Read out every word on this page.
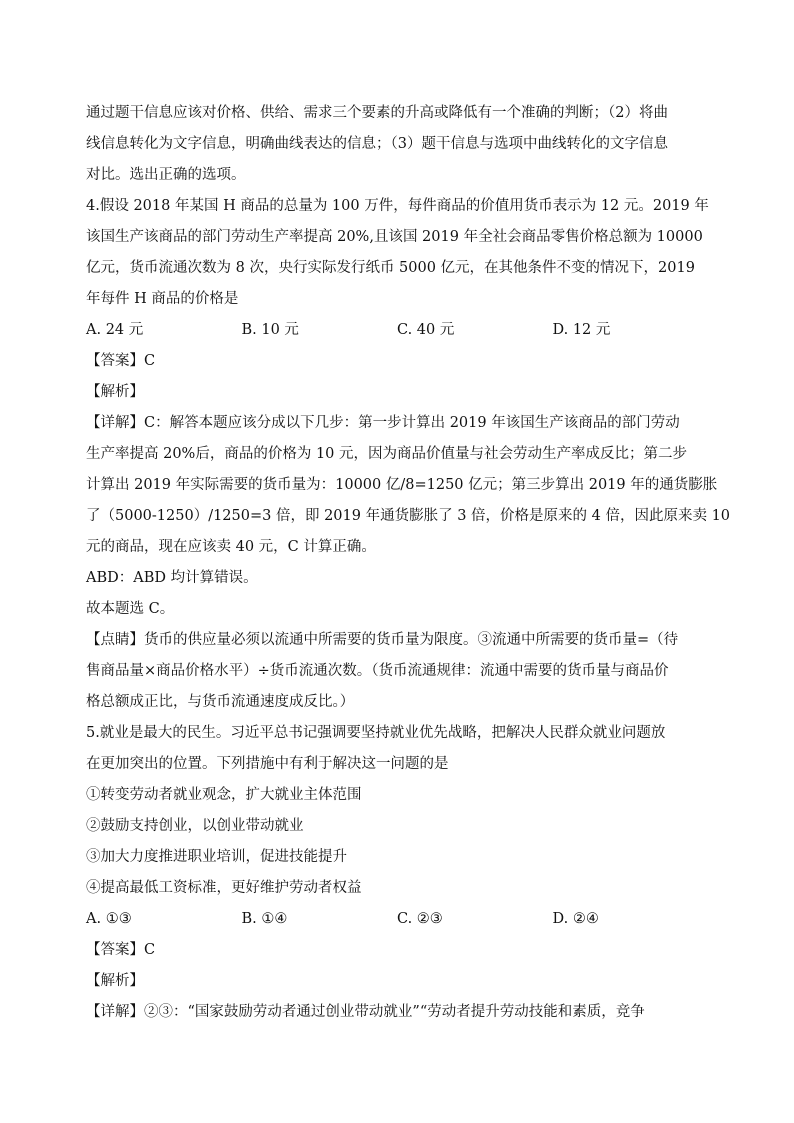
通过题干信息应该对价格、供给、需求三个要素的升高或降低有一个准确的判断；（2）将曲
线信息转化为文字信息，明确曲线表达的信息；（3）题干信息与选项中曲线转化的文字信息
对比。选出正确的选项。
4.假设 2018 年某国 H 商品的总量为 100 万件，每件商品的价值用货币表示为 12 元。2019 年
该国生产该商品的部门劳动生产率提高 20%,且该国 2019 年全社会商品零售价格总额为 10000
亿元，货币流通次数为 8 次，央行实际发行纸币 5000 亿元，在其他条件不变的情况下，2019
年每件 H 商品的价格是
A. 24 元	B. 10 元	C. 40 元	D. 12 元
【答案】C
【解析】
【详解】C：解答本题应该分成以下几步：第一步计算出 2019 年该国生产该商品的部门劳动
生产率提高 20%后，商品的价格为 10 元，因为商品价值量与社会劳动生产率成反比；第二步
计算出 2019 年实际需要的货币量为：10000 亿/8=1250 亿元；第三步算出 2019 年的通货膨胀
了（5000-1250）/1250=3 倍，即 2019 年通货膨胀了 3 倍，价格是原来的 4 倍，因此原来卖 10
元的商品，现在应该卖 40 元，C 计算正确。
ABD：ABD 均计算错误。
故本题选 C。
【点睛】货币的供应量必须以流通中所需要的货币量为限度。③流通中所需要的货币量=（待
售商品量×商品价格水平）÷货币流通次数。（货币流通规律：流通中需要的货币量与商品价
格总额成正比，与货币流通速度成反比。）
5.就业是最大的民生。习近平总书记强调要坚持就业优先战略，把解决人民群众就业问题放
在更加突出的位置。下列措施中有利于解决这一问题的是
①转变劳动者就业观念，扩大就业主体范围
②鼓励支持创业，以创业带动就业
③加大力度推进职业培训，促进技能提升
④提高最低工资标准，更好维护劳动者权益
A. ①③	B. ①④	C. ②③	D. ②④
【答案】C
【解析】
【详解】②③：“国家鼓励劳动者通过创业带动就业”“劳动者提升劳动技能和素质，竞争
